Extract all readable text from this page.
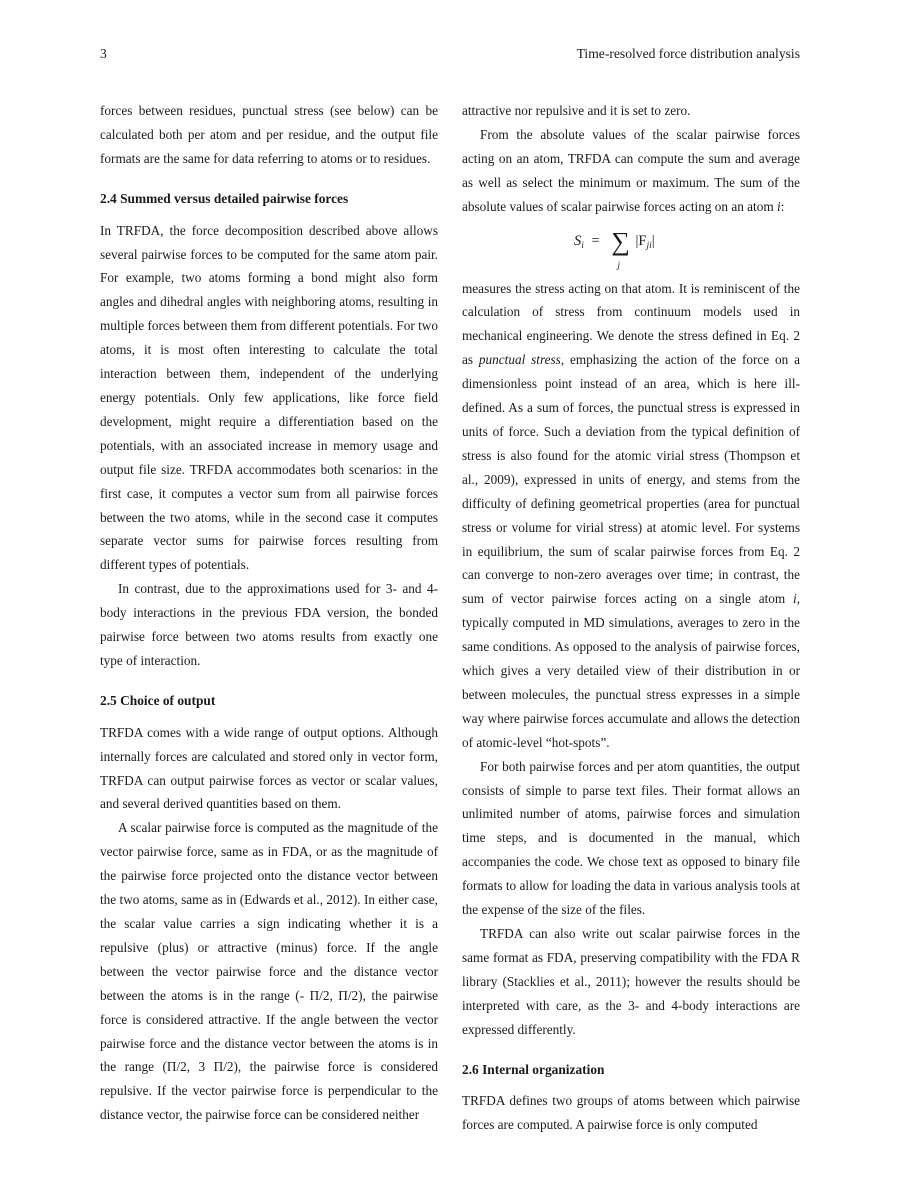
3	Time-resolved force distribution analysis

forces between residues, punctual stress (see below) can be calculated both per atom and per residue, and the output file formats are the same for data referring to atoms or to residues.

2.4 Summed versus detailed pairwise forces

In TRFDA, the force decomposition described above allows several pairwise forces to be computed for the same atom pair. For example, two atoms forming a bond might also form angles and dihedral angles with neighboring atoms, resulting in multiple forces between them from different potentials. For two atoms, it is most often interesting to calculate the total interaction between them, independent of the underlying energy potentials. Only few applications, like force field development, might require a differentiation based on the potentials, with an associated increase in memory usage and output file size. TRFDA accommodates both scenarios: in the first case, it computes a vector sum from all pairwise forces between the two atoms, while in the second case it computes separate vector sums for pairwise forces resulting from different types of potentials.

In contrast, due to the approximations used for 3- and 4-body interactions in the previous FDA version, the bonded pairwise force between two atoms results from exactly one type of interaction.

2.5 Choice of output

TRFDA comes with a wide range of output options. Although internally forces are calculated and stored only in vector form, TRFDA can output pairwise forces as vector or scalar values, and several derived quantities based on them.

A scalar pairwise force is computed as the magnitude of the vector pairwise force, same as in FDA, or as the magnitude of the pairwise force projected onto the distance vector between the two atoms, same as in (Edwards et al., 2012). In either case, the scalar value carries a sign indicating whether it is a repulsive (plus) or attractive (minus) force. If the angle between the vector pairwise force and the distance vector between the atoms is in the range (- Π/2, Π/2), the pairwise force is considered attractive. If the angle between the vector pairwise force and the distance vector between the atoms is in the range (Π/2, 3 Π/2), the pairwise force is considered repulsive. If the vector pairwise force is perpendicular to the distance vector, the pairwise force can be considered neither

attractive nor repulsive and it is set to zero.

From the absolute values of the scalar pairwise forces acting on an atom, TRFDA can compute the sum and average as well as select the minimum or maximum. The sum of the absolute values of scalar pairwise forces acting on an atom i:

$S_i$ = ∑
j
$|F_{ji}|$

measures the stress acting on that atom. It is reminiscent of the calculation of stress from continuum models used in mechanical engineering. We denote the stress defined in Eq. 2 as punctual stress, emphasizing the action of the force on a dimensionless point instead of an area, which is here ill-defined. As a sum of forces, the punctual stress is expressed in units of force. Such a deviation from the typical definition of stress is also found for the atomic virial stress (Thompson et al., 2009), expressed in units of energy, and stems from the difficulty of defining geometrical properties (area for punctual stress or volume for virial stress) at atomic level. For systems in equilibrium, the sum of scalar pairwise forces from Eq. 2 can converge to non-zero averages over time; in contrast, the sum of vector pairwise forces acting on a single atom i, typically computed in MD simulations, averages to zero in the same conditions. As opposed to the analysis of pairwise forces, which gives a very detailed view of their distribution in or between molecules, the punctual stress expresses in a simple way where pairwise forces accumulate and allows the detection of atomic-level “hot-spots”.

For both pairwise forces and per atom quantities, the output consists of simple to parse text files. Their format allows an unlimited number of atoms, pairwise forces and simulation time steps, and is documented in the manual, which accompanies the code. We chose text as opposed to binary file formats to allow for loading the data in various analysis tools at the expense of the size of the files.

TRFDA can also write out scalar pairwise forces in the same format as FDA, preserving compatibility with the FDA R library (Stacklies et al., 2011); however the results should be interpreted with care, as the 3- and 4-body interactions are expressed differently.

2.6 Internal organization

TRFDA defines two groups of atoms between which pairwise forces are computed. A pairwise force is only computed
